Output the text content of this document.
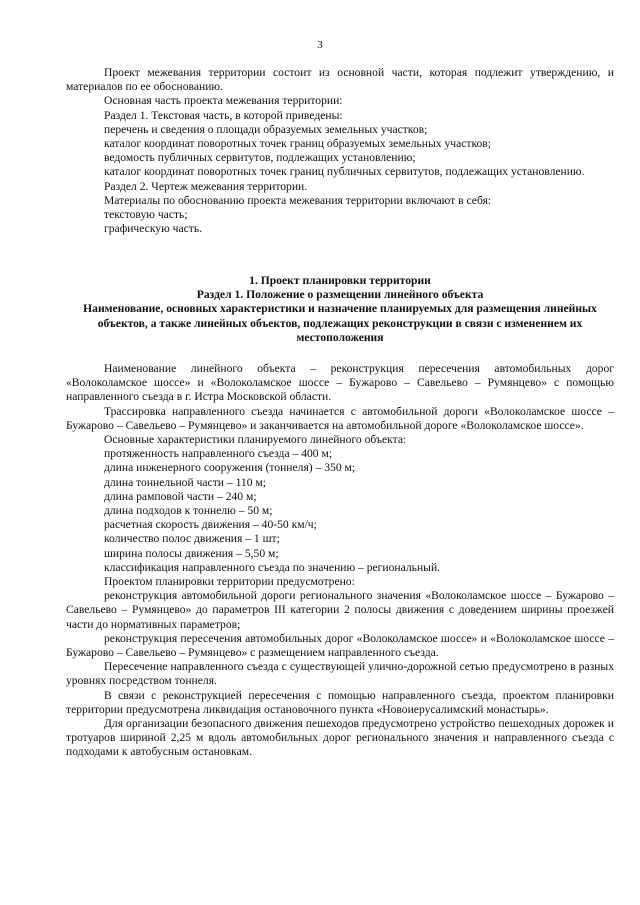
3

Проект межевания территории состоит из основной части, которая подлежит утверждению, и материалов по ее обоснованию.

Основная часть проекта межевания территории:

Раздел 1. Текстовая часть, в которой приведены:

перечень и сведения о площади образуемых земельных участков;

каталог координат поворотных точек границ образуемых земельных участков;

ведомость публичных сервитутов, подлежащих установлению;

каталог координат поворотных точек границ публичных сервитутов, подлежащих установлению.

Раздел 2. Чертеж межевания территории.

Материалы по обоснованию проекта межевания территории включают в себя:

текстовую часть;

графическую часть.

1. Проект планировки территории

Раздел 1. Положение о размещении линейного объекта

Наименование, основных характеристики и назначение планируемых для размещения линейных объектов, а также линейных объектов, подлежащих реконструкции в связи с изменением их местоположения

Наименование линейного объекта – реконструкция пересечения автомобильных дорог «Волоколамское шоссе» и «Волоколамское шоссе – Бужарово – Савельево – Румянцево» с помощью направленного съезда в г. Истра Московской области.

Трассировка направленного съезда начинается с автомобильной дороги «Волоколамское шоссе – Бужарово – Савельево – Румянцево» и заканчивается на автомобильной дороге «Волоколамское шоссе».

Основные характеристики планируемого линейного объекта:

протяженность направленного съезда – 400 м;

длина инженерного сооружения (тоннеля) – 350 м;

длина тоннельной части – 110 м;

длина рамповой части – 240 м;

длина подходов к тоннелю – 50 м;

расчетная скорость движения – 40-50 км/ч;

количество полос движения – 1 шт;

ширина полосы движения – 5,50 м;

классификация направленного съезда по значению – региональный.

Проектом планировки территории предусмотрено:

реконструкция автомобильной дороги регионального значения «Волоколамское шоссе – Бужарово – Савельево – Румянцево» до параметров III категории 2 полосы движения с доведением ширины проезжей части до нормативных параметров;

реконструкция пересечения автомобильных дорог «Волоколамское шоссе» и «Волоколамское шоссе – Бужарово – Савельево – Румянцево» с размещением направленного съезда.

Пересечение направленного съезда с существующей улично-дорожной сетью предусмотрено в разных уровнях посредством тоннеля.

В связи с реконструкцией пересечения с помощью направленного съезда, проектом планировки территории предусмотрена ликвидация остановочного пункта «Новоиерусалимский монастырь».

Для организации безопасного движения пешеходов предусмотрено устройство пешеходных дорожек и тротуаров шириной 2,25 м вдоль автомобильных дорог регионального значения и направленного съезда с подходами к автобусным остановкам.
